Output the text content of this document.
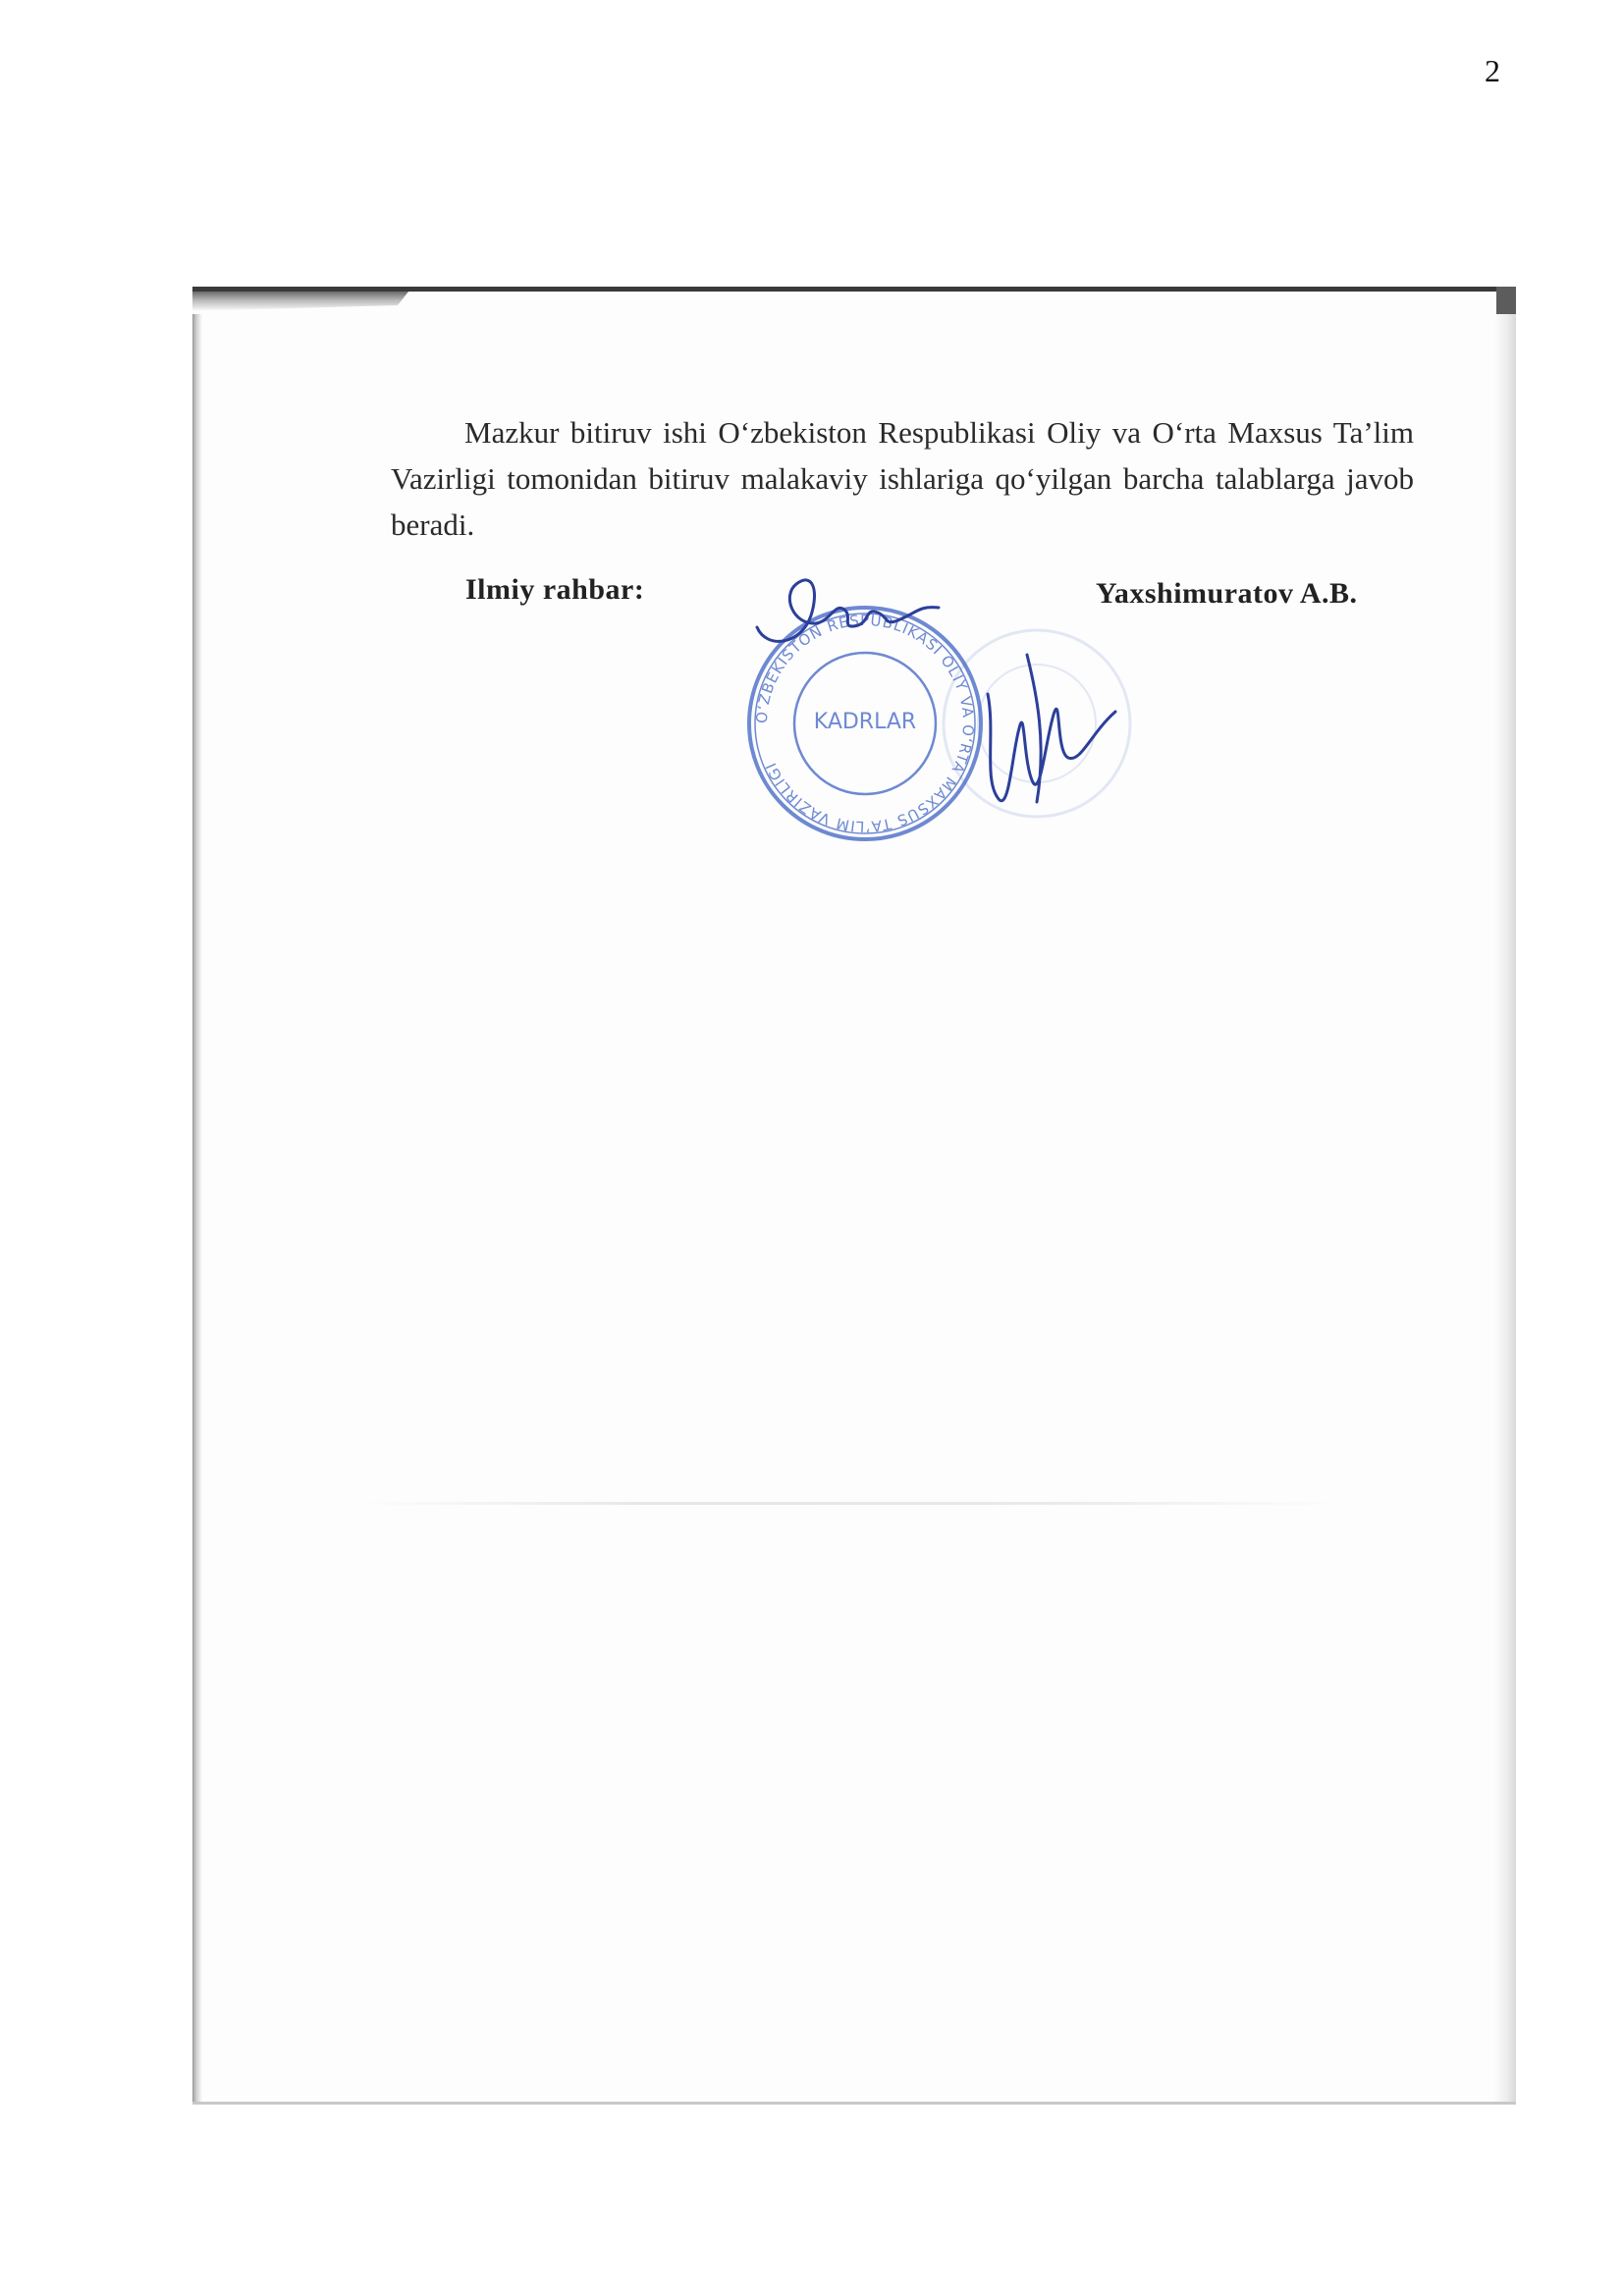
2

Mazkur bitiruv ishi O‘zbekiston Respublikasi Oliy va O‘rta Maxsus Ta’lim Vazirligi tomonidan bitiruv malakaviy ishlariga qo‘yilgan barcha talablarga javob beradi.

Ilmiy rahbar:	Yaxshimuratov A.B.
O‘ZBEKISTON RESPUBLIKASI OLIY VA O‘RTA MAXSUS TA’LIM VAZIRLIGI
KADRLAR
